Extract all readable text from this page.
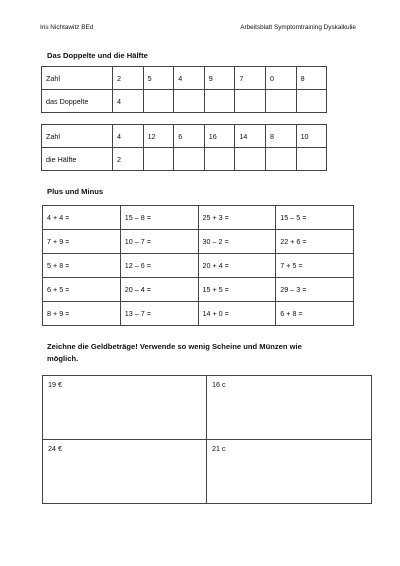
Iris Nichtawitz BEd	Arbeitsblatt Symptomtraining Dyskalkulie
Das Doppelte und die Hälfte
Zahl	2	5	4	9	7	0	8
das Doppelte	4						
Zahl	4	12	6	16	14	8	10
die Hälfte	2						
Plus und Minus
4 + 4 =	15 – 8 =	25 + 3 =	15 – 5 =
7 + 9 =	10 – 7 =	30 – 2 =	22 + 6 =
5 + 8 =	12 – 6 =	20 + 4 =	7 + 5 =
6 + 5 =	20 – 4 =	15 + 5 =	29 – 3 =
8 + 9 =	13 – 7 =	14 + 0 =	6 + 8 =
Zeichne die Geldbeträge! Verwende so wenig Scheine und Münzen wie
möglich.
19 €	16 c
24 €	21 c
